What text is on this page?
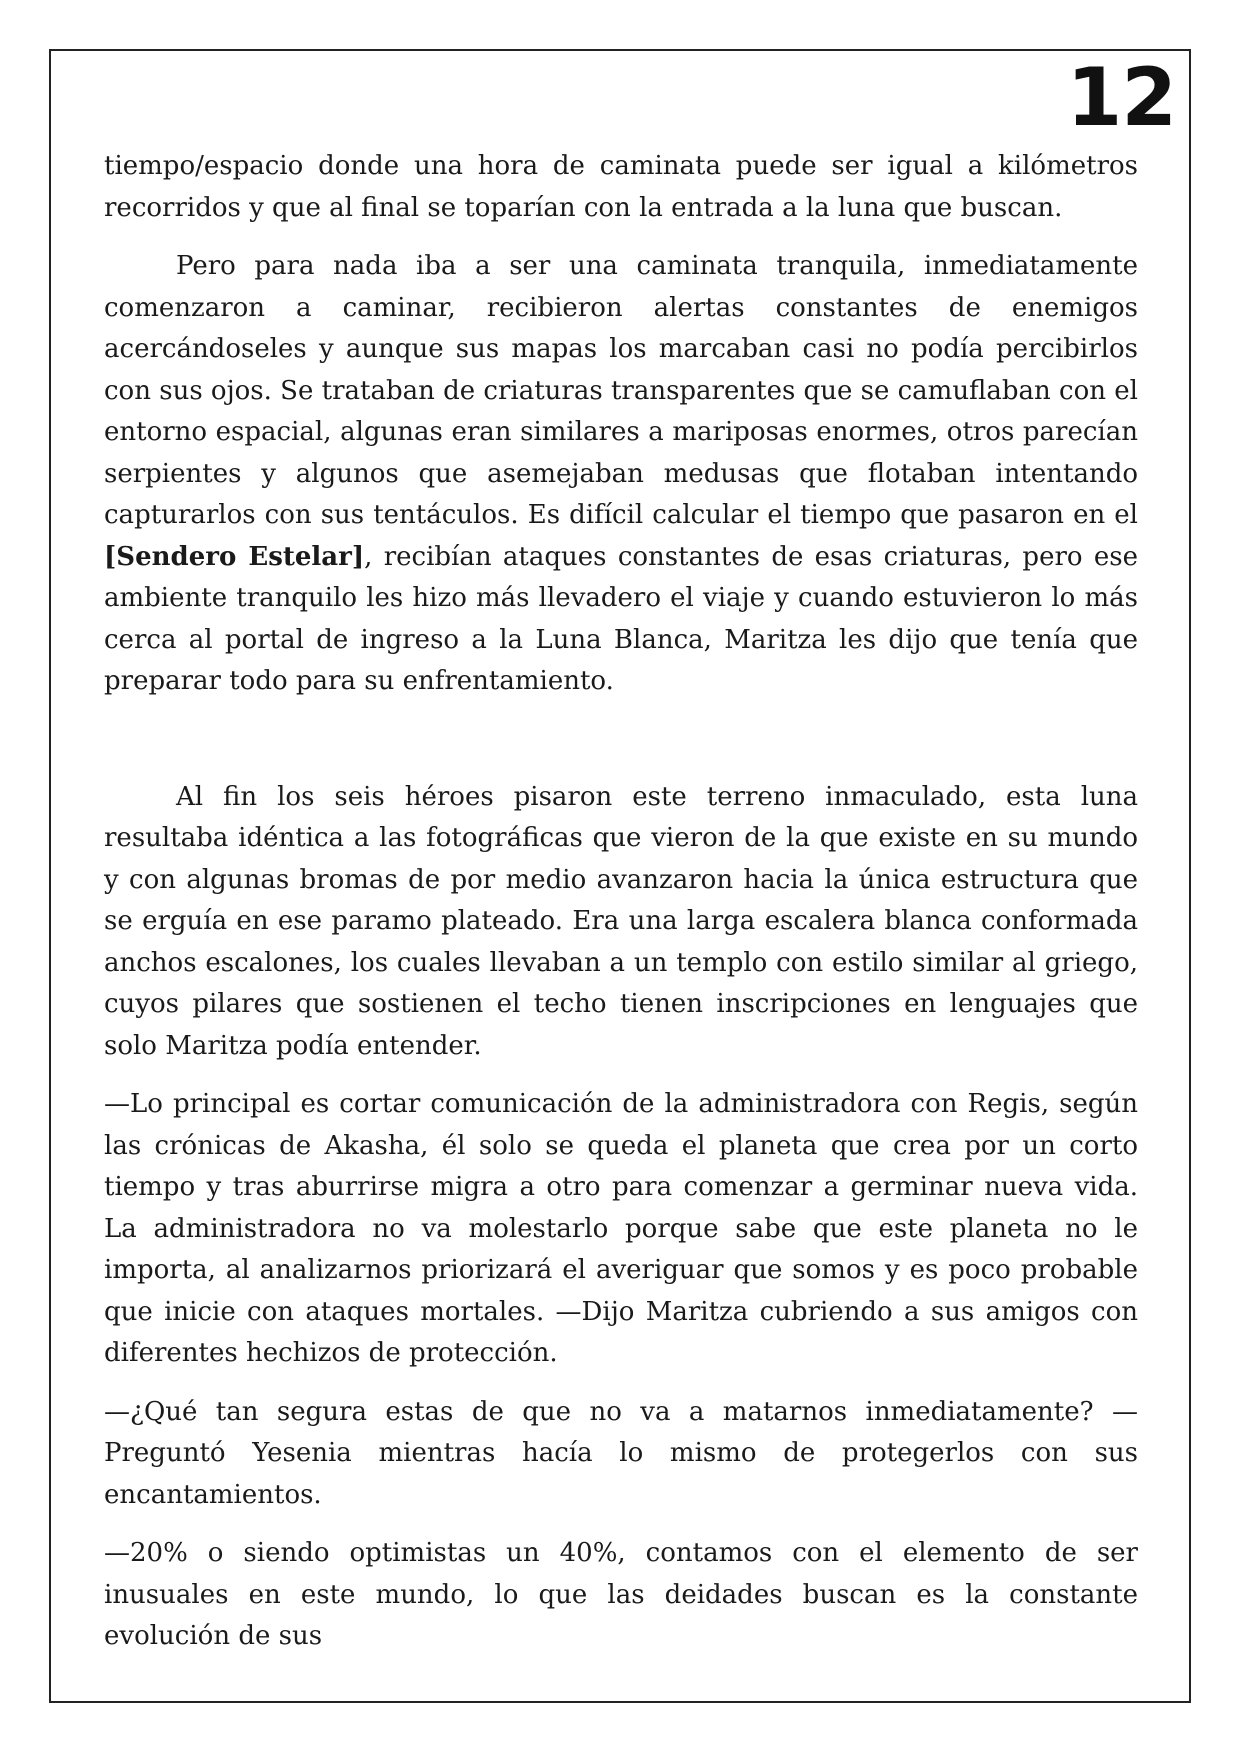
12

tiempo/espacio donde una hora de caminata puede ser igual a kilómetros recorridos y que al final se toparían con la entrada a la luna que buscan.

Pero para nada iba a ser una caminata tranquila, inmediatamente comenzaron a caminar, recibieron alertas constantes de enemigos acercándoseles y aunque sus mapas los marcaban casi no podía percibirlos con sus ojos. Se trataban de criaturas transparentes que se camuflaban con el entorno espacial, algunas eran similares a mariposas enormes, otros parecían serpientes y algunos que asemejaban medusas que flotaban intentando capturarlos con sus tentáculos. Es difícil calcular el tiempo que pasaron en el [Sendero Estelar], recibían ataques constantes de esas criaturas, pero ese ambiente tranquilo les hizo más llevadero el viaje y cuando estuvieron lo más cerca al portal de ingreso a la Luna Blanca, Maritza les dijo que tenía que preparar todo para su enfrentamiento.

Al fin los seis héroes pisaron este terreno inmaculado, esta luna resultaba idéntica a las fotográficas que vieron de la que existe en su mundo y con algunas bromas de por medio avanzaron hacia la única estructura que se erguía en ese paramo plateado. Era una larga escalera blanca conformada anchos escalones, los cuales llevaban a un templo con estilo similar al griego, cuyos pilares que sostienen el techo tienen inscripciones en lenguajes que solo Maritza podía entender.

—Lo principal es cortar comunicación de la administradora con Regis, según las crónicas de Akasha, él solo se queda el planeta que crea por un corto tiempo y tras aburrirse migra a otro para comenzar a germinar nueva vida. La administradora no va molestarlo porque sabe que este planeta no le importa, al analizarnos priorizará el averiguar que somos y es poco probable que inicie con ataques mortales. —Dijo Maritza cubriendo a sus amigos con diferentes hechizos de protección.

—¿Qué tan segura estas de que no va a matarnos inmediatamente? —Preguntó Yesenia mientras hacía lo mismo de protegerlos con sus encantamientos.

—20% o siendo optimistas un 40%, contamos con el elemento de ser inusuales en este mundo, lo que las deidades buscan es la constante evolución de sus
